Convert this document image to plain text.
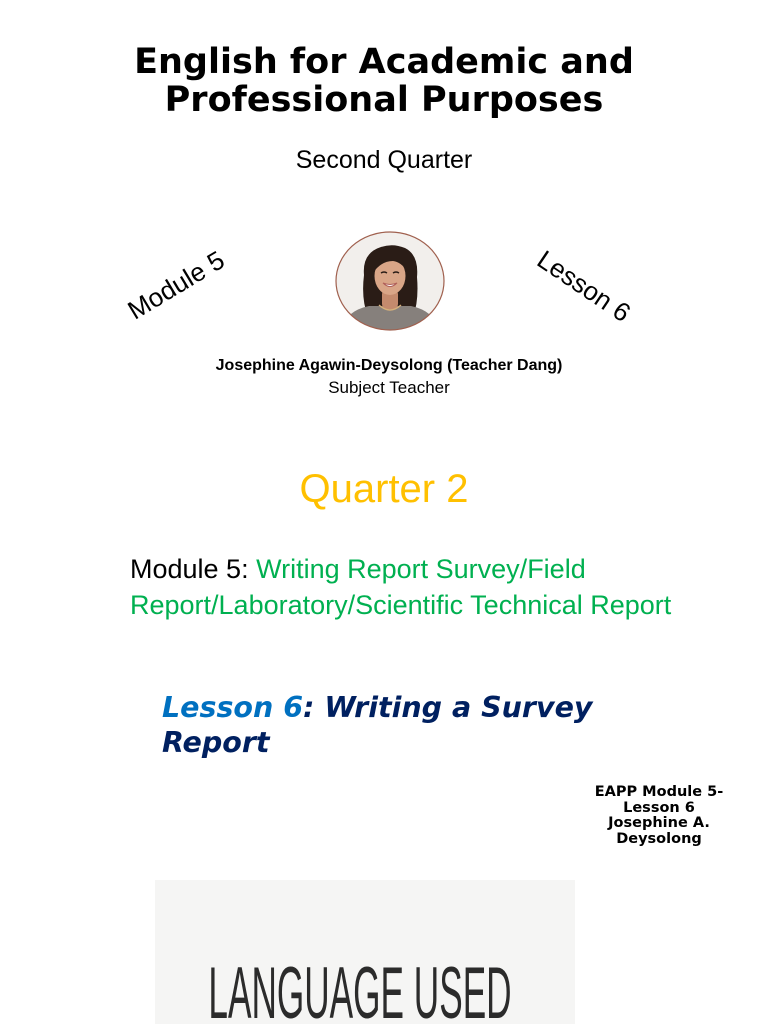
English for Academic and Professional Purposes
Second Quarter
Module 5	Lesson 6
Josephine Agawin-Deysolong (Teacher Dang)
Subject Teacher
Quarter 2
Module 5: Writing Report Survey/Field
Report/Laboratory/Scientific Technical Report
Lesson 6: Writing a Survey Report
EAPP Module 5-
Lesson 6
Josephine A.
Deysolong
LANGUAGE USED
